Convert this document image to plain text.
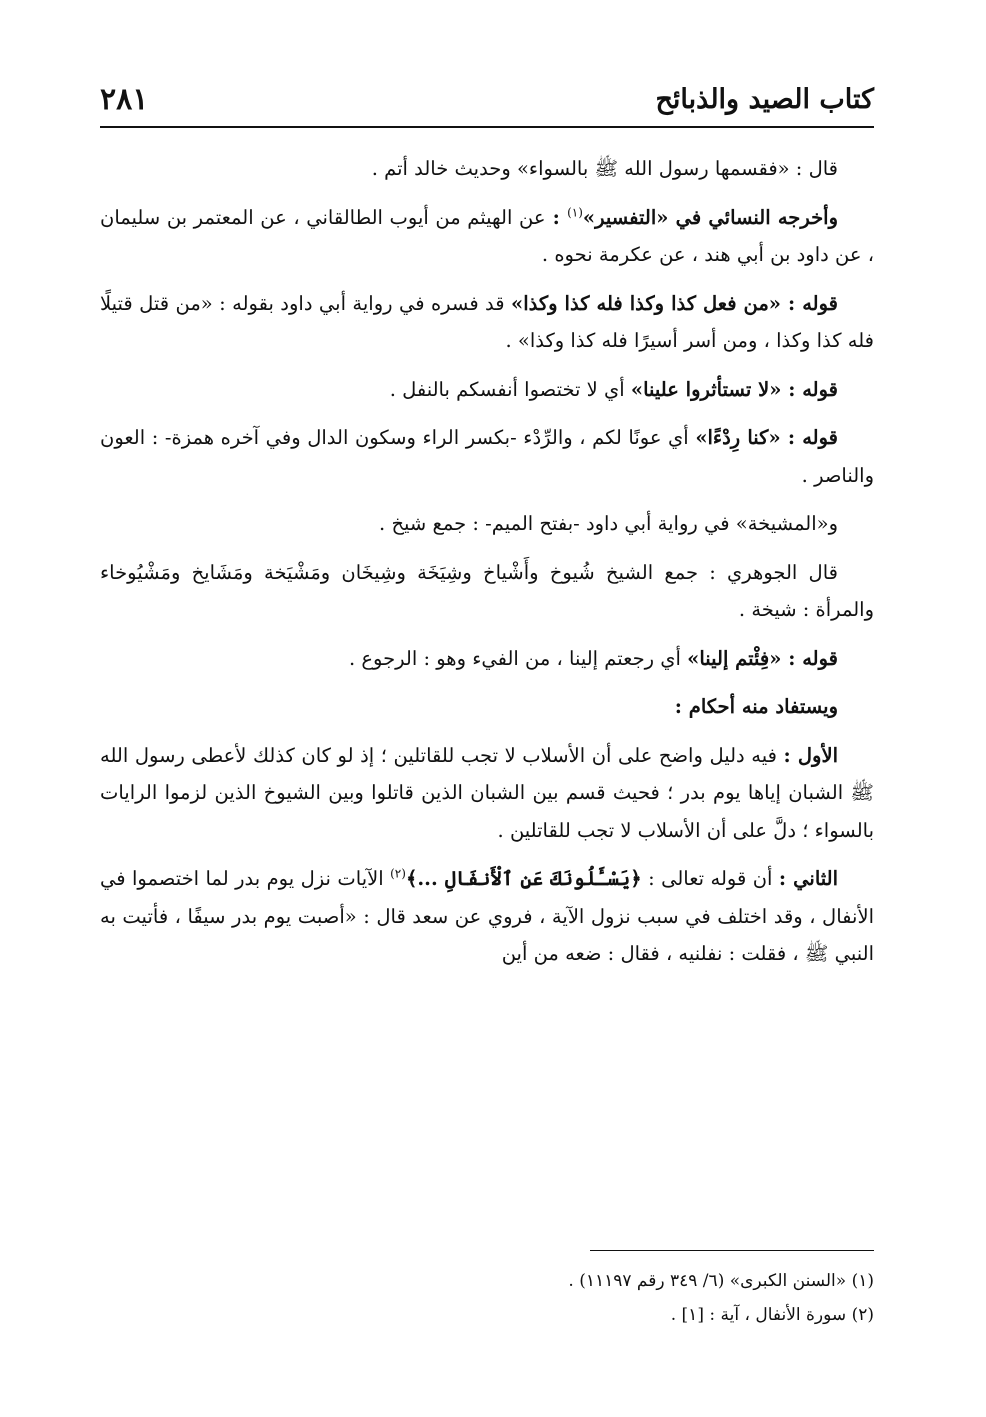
كتاب الصيد والذبائح
٢٨١

قال : «فقسمها رسول الله ﷺ بالسواء» وحديث خالد أتم .

وأخرجه النسائي في «التفسير»$^{(١)}$ : عن الهيثم من أيوب الطالقاني ، عن المعتمر بن سليمان ، عن داود بن أبي هند ، عن عكرمة نحوه .

قوله : «من فعل كذا وكذا فله كذا وكذا» قد فسره في رواية أبي داود بقوله : «من قتل قتيلًا فله كذا وكذا ، ومن أسر أسيرًا فله كذا وكذا» .

قوله : «لا تستأثروا علينا» أي لا تختصوا أنفسكم بالنفل .

قوله : «كنا رِدْءًا» أي عونًا لكم ، والرِّدْء -بكسر الراء وسكون الدال وفي آخره همزة- : العون والناصر .

و«المشيخة» في رواية أبي داود -بفتح الميم- : جمع شيخ .

قال الجوهري : جمع الشيخ شُيوخ وأَشْياخ وشِيَخَة وشِيخَان ومَشْيَخة ومَشَايخ ومَشْيُوخاء والمرأة : شيخة .

قوله : «فِئْتم إلينا» أي رجعتم إلينا ، من الفيء وهو : الرجوع .

ويستفاد منه أحكام :

الأول : فيه دليل واضح على أن الأسلاب لا تجب للقاتلين ؛ إذ لو كان كذلك لأعطى رسول الله ﷺ الشبان إياها يوم بدر ؛ فحيث قسم بين الشبان الذين قاتلوا وبين الشيوخ الذين لزموا الرايات بالسواء ؛ دلَّ على أن الأسلاب لا تجب للقاتلين .

الثاني : أن قوله تعالى : ﴿يَسْـَٔلُونَكَ عَنِ ٱلْأَنفَالِ ...﴾$^{(٢)}$ الآيات نزل يوم بدر لما اختصموا في الأنفال ، وقد اختلف في سبب نزول الآية ، فروي عن سعد قال : «أصبت يوم بدر سيفًا ، فأتيت به النبي ﷺ ، فقلت : نفلنيه ، فقال : ضعه من أين

(١) «السنن الكبرى» (٦/ ٣٤٩ رقم ١١١٩٧) .

(٢) سورة الأنفال ، آية : [١] .
